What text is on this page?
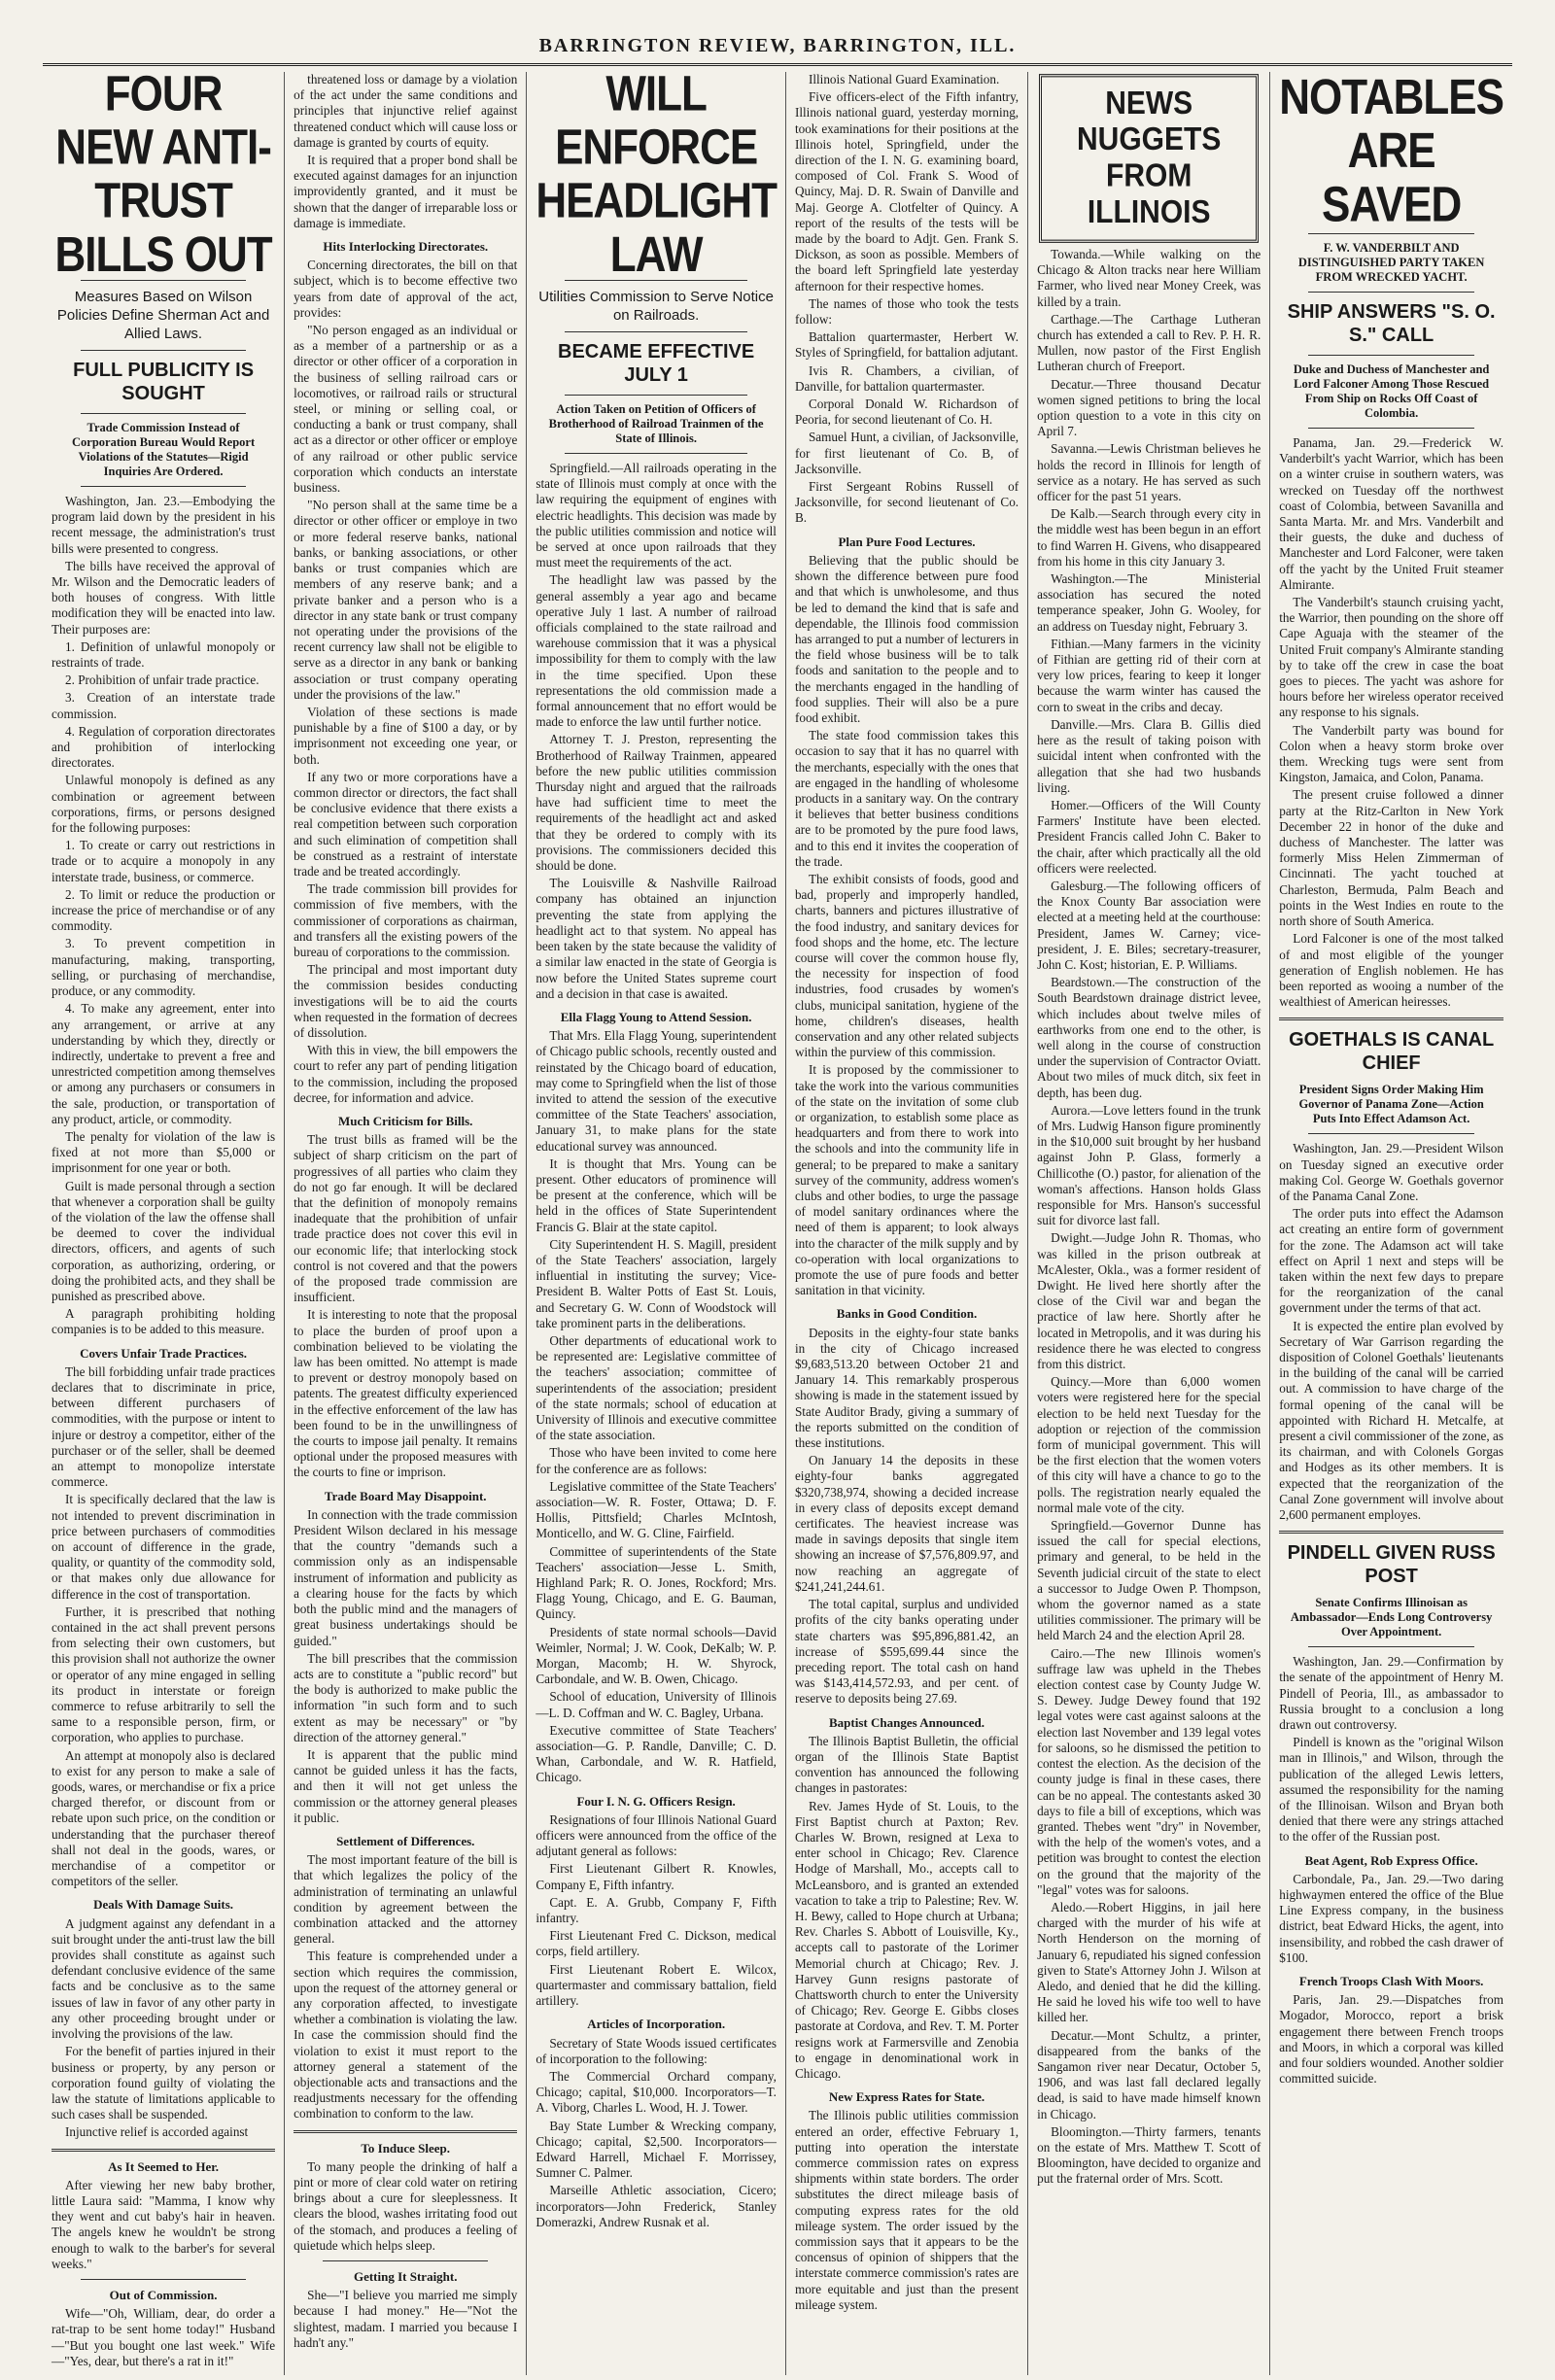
BARRINGTON REVIEW, BARRINGTON, ILL.
FOUR NEW ANTI-TRUST BILLS OUT
Measures Based on Wilson Policies Define Sherman Act and Allied Laws.
FULL PUBLICITY IS SOUGHT
Trade Commission Instead of Corporation Bureau Would Report Violations of the Statutes—Rigid Inquiries Are Ordered.

Washington, Jan. 23.—Embodying the program laid down by the president in his recent message, the administration's trust bills were presented to congress.

The bills have received the approval of Mr. Wilson and the Democratic leaders of both houses of congress. With little modification they will be enacted into law. Their purposes are:

1. Definition of unlawful monopoly or restraints of trade.

2. Prohibition of unfair trade practice.

3. Creation of an interstate trade commission.

4. Regulation of corporation directorates and prohibition of interlocking directorates.

Unlawful monopoly is defined as any combination or agreement between corporations, firms, or persons designed for the following purposes:

1. To create or carry out restrictions in trade or to acquire a monopoly in any interstate trade, business, or commerce.

2. To limit or reduce the production or increase the price of merchandise or of any commodity.

3. To prevent competition in manufacturing, making, transporting, selling, or purchasing of merchandise, produce, or any commodity.

4. To make any agreement, enter into any arrangement, or arrive at any understanding by which they, directly or indirectly, undertake to prevent a free and unrestricted competition among themselves or among any purchasers or consumers in the sale, production, or transportation of any product, article, or commodity.

The penalty for violation of the law is fixed at not more than $5,000 or imprisonment for one year or both.

Guilt is made personal through a section that whenever a corporation shall be guilty of the violation of the law the offense shall be deemed to cover the individual directors, officers, and agents of such corporation, as authorizing, ordering, or doing the prohibited acts, and they shall be punished as prescribed above.

A paragraph prohibiting holding companies is to be added to this measure.

Covers Unfair Trade Practices.

The bill forbidding unfair trade practices declares that to discriminate in price, between different purchasers of commodities, with the purpose or intent to injure or destroy a competitor, either of the purchaser or of the seller, shall be deemed an attempt to monopolize interstate commerce.

It is specifically declared that the law is not intended to prevent discrimination in price between purchasers of commodities on account of difference in the grade, quality, or quantity of the commodity sold, or that makes only due allowance for difference in the cost of transportation.

Further, it is prescribed that nothing contained in the act shall prevent persons from selecting their own customers, but this provision shall not authorize the owner or operator of any mine engaged in selling its product in interstate or foreign commerce to refuse arbitrarily to sell the same to a responsible person, firm, or corporation, who applies to purchase.

An attempt at monopoly also is declared to exist for any person to make a sale of goods, wares, or merchandise or fix a price charged therefor, or discount from or rebate upon such price, on the condition or understanding that the purchaser thereof shall not deal in the goods, wares, or merchandise of a competitor or competitors of the seller.

Deals With Damage Suits.

A judgment against any defendant in a suit brought under the anti-trust law the bill provides shall constitute as against such defendant conclusive evidence of the same facts and be conclusive as to the same issues of law in favor of any other party in any other proceeding brought under or involving the provisions of the law.

For the benefit of parties injured in their business or property, by any person or corporation found guilty of violating the law the statute of limitations applicable to such cases shall be suspended.

Injunctive relief is accorded against

As It Seemed to Her.

After viewing her new baby brother, little Laura said: "Mamma, I know why they went and cut baby's hair in heaven. The angels knew he wouldn't be strong enough to walk to the barber's for several weeks."

Out of Commission.

Wife—"Oh, William, dear, do order a rat-trap to be sent home today!" Husband—"But you bought one last week." Wife—"Yes, dear, but there's a rat in it!"

threatened loss or damage by a violation of the act under the same conditions and principles that injunctive relief against threatened conduct which will cause loss or damage is granted by courts of equity.

It is required that a proper bond shall be executed against damages for an injunction improvidently granted, and it must be shown that the danger of irreparable loss or damage is immediate.

Hits Interlocking Directorates.

Concerning directorates, the bill on that subject, which is to become effective two years from date of approval of the act, provides:

"No person engaged as an individual or as a member of a partnership or as a director or other officer of a corporation in the business of selling railroad cars or locomotives, or railroad rails or structural steel, or mining or selling coal, or conducting a bank or trust company, shall act as a director or other officer or employe of any railroad or other public service corporation which conducts an interstate business.

"No person shall at the same time be a director or other officer or employe in two or more federal reserve banks, national banks, or banking associations, or other banks or trust companies which are members of any reserve bank; and a private banker and a person who is a director in any state bank or trust company not operating under the provisions of the recent currency law shall not be eligible to serve as a director in any bank or banking association or trust company operating under the provisions of the law."

Violation of these sections is made punishable by a fine of $100 a day, or by imprisonment not exceeding one year, or both.

If any two or more corporations have a common director or directors, the fact shall be conclusive evidence that there exists a real competition between such corporation and such elimination of competition shall be construed as a restraint of interstate trade and be treated accordingly.

The trade commission bill provides for commission of five members, with the commissioner of corporations as chairman, and transfers all the existing powers of the bureau of corporations to the commission.

The principal and most important duty the commission besides conducting investigations will be to aid the courts when requested in the formation of decrees of dissolution.

With this in view, the bill empowers the court to refer any part of pending litigation to the commission, including the proposed decree, for information and advice.

Much Criticism for Bills.

The trust bills as framed will be the subject of sharp criticism on the part of progressives of all parties who claim they do not go far enough. It will be declared that the definition of monopoly remains inadequate that the prohibition of unfair trade practice does not cover this evil in our economic life; that interlocking stock control is not covered and that the powers of the proposed trade commission are insufficient.

It is interesting to note that the proposal to place the burden of proof upon a combination believed to be violating the law has been omitted. No attempt is made to prevent or destroy monopoly based on patents. The greatest difficulty experienced in the effective enforcement of the law has been found to be in the unwillingness of the courts to impose jail penalty. It remains optional under the proposed measures with the courts to fine or imprison.

Trade Board May Disappoint.

In connection with the trade commission President Wilson declared in his message that the country "demands such a commission only as an indispensable instrument of information and publicity as a clearing house for the facts by which both the public mind and the managers of great business undertakings should be guided."

The bill prescribes that the commission acts are to constitute a "public record" but the body is authorized to make public the information "in such form and to such extent as may be necessary" or "by direction of the attorney general."

It is apparent that the public mind cannot be guided unless it has the facts, and then it will not get unless the commission or the attorney general pleases it public.

Settlement of Differences.

The most important feature of the bill is that which legalizes the policy of the administration of terminating an unlawful condition by agreement between the combination attacked and the attorney general.

This feature is comprehended under a section which requires the commission, upon the request of the attorney general or any corporation affected, to investigate whether a combination is violating the law. In case the commission should find the violation to exist it must report to the attorney general a statement of the objectionable acts and transactions and the readjustments necessary for the offending combination to conform to the law.

To Induce Sleep.

To many people the drinking of half a pint or more of clear cold water on retiring brings about a cure for sleeplessness. It clears the blood, washes irritating food out of the stomach, and produces a feeling of quietude which helps sleep.

Getting It Straight.

She—"I believe you married me simply because I had money." He—"Not the slightest, madam. I married you because I hadn't any."

WILL ENFORCE HEADLIGHT LAW
Utilities Commission to Serve Notice on Railroads.
BECAME EFFECTIVE JULY 1
Action Taken on Petition of Officers of Brotherhood of Railroad Trainmen of the State of Illinois.

Springfield.—All railroads operating in the state of Illinois must comply at once with the law requiring the equipment of engines with electric headlights. This decision was made by the public utilities commission and notice will be served at once upon railroads that they must meet the requirements of the act.

The headlight law was passed by the general assembly a year ago and became operative July 1 last. A number of railroad officials complained to the state railroad and warehouse commission that it was a physical impossibility for them to comply with the law in the time specified. Upon these representations the old commission made a formal announcement that no effort would be made to enforce the law until further notice.

Attorney T. J. Preston, representing the Brotherhood of Railway Trainmen, appeared before the new public utilities commission Thursday night and argued that the railroads have had sufficient time to meet the requirements of the headlight act and asked that they be ordered to comply with its provisions. The commissioners decided this should be done.

The Louisville & Nashville Railroad company has obtained an injunction preventing the state from applying the headlight act to that system. No appeal has been taken by the state because the validity of a similar law enacted in the state of Georgia is now before the United States supreme court and a decision in that case is awaited.

Ella Flagg Young to Attend Session.

That Mrs. Ella Flagg Young, superintendent of Chicago public schools, recently ousted and reinstated by the Chicago board of education, may come to Springfield when the list of those invited to attend the session of the executive committee of the State Teachers' association, January 31, to make plans for the state educational survey was announced.

It is thought that Mrs. Young can be present. Other educators of prominence will be present at the conference, which will be held in the offices of State Superintendent Francis G. Blair at the state capitol.

City Superintendent H. S. Magill, president of the State Teachers' association, largely influential in instituting the survey; Vice-President B. Walter Potts of East St. Louis, and Secretary G. W. Conn of Woodstock will take prominent parts in the deliberations.

Other departments of educational work to be represented are: Legislative committee of the teachers' association; committee of superintendents of the association; president of the state normals; school of education at University of Illinois and executive committee of the state association.

Those who have been invited to come here for the conference are as follows:

Legislative committee of the State Teachers' association—W. R. Foster, Ottawa; D. F. Hollis, Pittsfield; Charles McIntosh, Monticello, and W. G. Cline, Fairfield.

Committee of superintendents of the State Teachers' association—Jesse L. Smith, Highland Park; R. O. Jones, Rockford; Mrs. Flagg Young, Chicago, and E. G. Bauman, Quincy.

Presidents of state normal schools—David Weimler, Normal; J. W. Cook, DeKalb; W. P. Morgan, Macomb; H. W. Shyrock, Carbondale, and W. B. Owen, Chicago.

School of education, University of Illinois—L. D. Coffman and W. C. Bagley, Urbana.

Executive committee of State Teachers' association—G. P. Randle, Danville; C. D. Whan, Carbondale, and W. R. Hatfield, Chicago.

Four I. N. G. Officers Resign.

Resignations of four Illinois National Guard officers were announced from the office of the adjutant general as follows:

First Lieutenant Gilbert R. Knowles, Company E, Fifth infantry.

Capt. E. A. Grubb, Company F, Fifth infantry.

First Lieutenant Fred C. Dickson, medical corps, field artillery.

First Lieutenant Robert E. Wilcox, quartermaster and commissary battalion, field artillery.

Articles of Incorporation.

Secretary of State Woods issued certificates of incorporation to the following:

The Commercial Orchard company, Chicago; capital, $10,000. Incorporators—T. A. Viborg, Charles L. Wood, H. J. Tower.

Bay State Lumber & Wrecking company, Chicago; capital, $2,500. Incorporators—Edward Harrell, Michael F. Morrissey, Sumner C. Palmer.

Marseille Athletic association, Cicero; incorporators—John Frederick, Stanley Domerazki, Andrew Rusnak et al.

Illinois National Guard Examination.

Five officers-elect of the Fifth infantry, Illinois national guard, yesterday morning, took examinations for their positions at the Illinois hotel, Springfield, under the direction of the I. N. G. examining board, composed of Col. Frank S. Wood of Quincy, Maj. D. R. Swain of Danville and Maj. George A. Clotfelter of Quincy. A report of the results of the tests will be made by the board to Adjt. Gen. Frank S. Dickson, as soon as possible. Members of the board left Springfield late yesterday afternoon for their respective homes.

The names of those who took the tests follow:

Battalion quartermaster, Herbert W. Styles of Springfield, for battalion adjutant.

Ivis R. Chambers, a civilian, of Danville, for battalion quartermaster.

Corporal Donald W. Richardson of Peoria, for second lieutenant of Co. H.

Samuel Hunt, a civilian, of Jacksonville, for first lieutenant of Co. B, of Jacksonville.

First Sergeant Robins Russell of Jacksonville, for second lieutenant of Co. B.

Plan Pure Food Lectures.

Believing that the public should be shown the difference between pure food and that which is unwholesome, and thus be led to demand the kind that is safe and dependable, the Illinois food commission has arranged to put a number of lecturers in the field whose business will be to talk foods and sanitation to the people and to the merchants engaged in the handling of food supplies. Their will also be a pure food exhibit.

The state food commission takes this occasion to say that it has no quarrel with the merchants, especially with the ones that are engaged in the handling of wholesome products in a sanitary way. On the contrary it believes that better business conditions are to be promoted by the pure food laws, and to this end it invites the cooperation of the trade.

The exhibit consists of foods, good and bad, properly and improperly handled, charts, banners and pictures illustrative of the food industry, and sanitary devices for food shops and the home, etc. The lecture course will cover the common house fly, the necessity for inspection of food industries, food crusades by women's clubs, municipal sanitation, hygiene of the home, children's diseases, health conservation and any other related subjects within the purview of this commission.

It is proposed by the commissioner to take the work into the various communities of the state on the invitation of some club or organization, to establish some place as headquarters and from there to work into the schools and into the community life in general; to be prepared to make a sanitary survey of the community, address women's clubs and other bodies, to urge the passage of model sanitary ordinances where the need of them is apparent; to look always into the character of the milk supply and by co-operation with local organizations to promote the use of pure foods and better sanitation in that vicinity.

Banks in Good Condition.

Deposits in the eighty-four state banks in the city of Chicago increased $9,683,513.20 between October 21 and January 14. This remarkably prosperous showing is made in the statement issued by State Auditor Brady, giving a summary of the reports submitted on the condition of these institutions.

On January 14 the deposits in these eighty-four banks aggregated $320,738,974, showing a decided increase in every class of deposits except demand certificates. The heaviest increase was made in savings deposits that single item showing an increase of $7,576,809.97, and now reaching an aggregate of $241,241,244.61.

The total capital, surplus and undivided profits of the city banks operating under state charters was $95,896,881.42, an increase of $595,699.44 since the preceding report. The total cash on hand was $143,414,572.93, and per cent. of reserve to deposits being 27.69.

Baptist Changes Announced.

The Illinois Baptist Bulletin, the official organ of the Illinois State Baptist convention has announced the following changes in pastorates:

Rev. James Hyde of St. Louis, to the First Baptist church at Paxton; Rev. Charles W. Brown, resigned at Lexa to enter school in Chicago; Rev. Clarence Hodge of Marshall, Mo., accepts call to McLeansboro, and is granted an extended vacation to take a trip to Palestine; Rev. W. H. Bewy, called to Hope church at Urbana; Rev. Charles S. Abbott of Louisville, Ky., accepts call to pastorate of the Lorimer Memorial church at Chicago; Rev. J. Harvey Gunn resigns pastorate of Chattsworth church to enter the University of Chicago; Rev. George E. Gibbs closes pastorate at Cordova, and Rev. T. M. Porter resigns work at Farmersville and Zenobia to engage in denominational work in Chicago.

New Express Rates for State.

The Illinois public utilities commission entered an order, effective February 1, putting into operation the interstate commerce commission rates on express shipments within state borders. The order substitutes the direct mileage basis of computing express rates for the old mileage system. The order issued by the commission says that it appears to be the concensus of opinion of shippers that the interstate commerce commission's rates are more equitable and just than the present mileage system.

NEWS NUGGETS FROM ILLINOIS

Towanda.—While walking on the Chicago & Alton tracks near here William Farmer, who lived near Money Creek, was killed by a train.

Carthage.—The Carthage Lutheran church has extended a call to Rev. P. H. R. Mullen, now pastor of the First English Lutheran church of Freeport.

Decatur.—Three thousand Decatur women signed petitions to bring the local option question to a vote in this city on April 7.

Savanna.—Lewis Christman believes he holds the record in Illinois for length of service as a notary. He has served as such officer for the past 51 years.

De Kalb.—Search through every city in the middle west has been begun in an effort to find Warren H. Givens, who disappeared from his home in this city January 3.

Washington.—The Ministerial association has secured the noted temperance speaker, John G. Wooley, for an address on Tuesday night, February 3.

Fithian.—Many farmers in the vicinity of Fithian are getting rid of their corn at very low prices, fearing to keep it longer because the warm winter has caused the corn to sweat in the cribs and decay.

Danville.—Mrs. Clara B. Gillis died here as the result of taking poison with suicidal intent when confronted with the allegation that she had two husbands living.

Homer.—Officers of the Will County Farmers' Institute have been elected. President Francis called John C. Baker to the chair, after which practically all the old officers were reelected.

Galesburg.—The following officers of the Knox County Bar association were elected at a meeting held at the courthouse: President, James W. Carney; vice-president, J. E. Biles; secretary-treasurer, John C. Kost; historian, E. P. Williams.

Beardstown.—The construction of the South Beardstown drainage district levee, which includes about twelve miles of earthworks from one end to the other, is well along in the course of construction under the supervision of Contractor Oviatt. About two miles of muck ditch, six feet in depth, has been dug.

Aurora.—Love letters found in the trunk of Mrs. Ludwig Hanson figure prominently in the $10,000 suit brought by her husband against John P. Glass, formerly a Chillicothe (O.) pastor, for alienation of the woman's affections. Hanson holds Glass responsible for Mrs. Hanson's successful suit for divorce last fall.

Dwight.—Judge John R. Thomas, who was killed in the prison outbreak at McAlester, Okla., was a former resident of Dwight. He lived here shortly after the close of the Civil war and began the practice of law here. Shortly after he located in Metropolis, and it was during his residence there he was elected to congress from this district.

Quincy.—More than 6,000 women voters were registered here for the special election to be held next Tuesday for the adoption or rejection of the commission form of municipal government. This will be the first election that the women voters of this city will have a chance to go to the polls. The registration nearly equaled the normal male vote of the city.

Springfield.—Governor Dunne has issued the call for special elections, primary and general, to be held in the Seventh judicial circuit of the state to elect a successor to Judge Owen P. Thompson, whom the governor named as a state utilities commissioner. The primary will be held March 24 and the election April 28.

Cairo.—The new Illinois women's suffrage law was upheld in the Thebes election contest case by County Judge W. S. Dewey. Judge Dewey found that 192 legal votes were cast against saloons at the election last November and 139 legal votes for saloons, so he dismissed the petition to contest the election. As the decision of the county judge is final in these cases, there can be no appeal. The contestants asked 30 days to file a bill of exceptions, which was granted. Thebes went "dry" in November, with the help of the women's votes, and a petition was brought to contest the election on the ground that the majority of the "legal" votes was for saloons.

Aledo.—Robert Higgins, in jail here charged with the murder of his wife at North Henderson on the morning of January 6, repudiated his signed confession given to State's Attorney John J. Wilson at Aledo, and denied that he did the killing. He said he loved his wife too well to have killed her.

Decatur.—Mont Schultz, a printer, disappeared from the banks of the Sangamon river near Decatur, October 5, 1906, and was last fall declared legally dead, is said to have made himself known in Chicago.

Bloomington.—Thirty farmers, tenants on the estate of Mrs. Matthew T. Scott of Bloomington, have decided to organize and put the fraternal order of Mrs. Scott.

NOTABLES ARE SAVED
F. W. VANDERBILT AND DISTINGUISHED PARTY TAKEN FROM WRECKED YACHT.
SHIP ANSWERS "S. O. S." CALL
Duke and Duchess of Manchester and Lord Falconer Among Those Rescued From Ship on Rocks Off Coast of Colombia.

Panama, Jan. 29.—Frederick W. Vanderbilt's yacht Warrior, which has been on a winter cruise in southern waters, was wrecked on Tuesday off the northwest coast of Colombia, between Savanilla and Santa Marta. Mr. and Mrs. Vanderbilt and their guests, the duke and duchess of Manchester and Lord Falconer, were taken off the yacht by the United Fruit steamer Almirante.

The Vanderbilt's staunch cruising yacht, the Warrior, then pounding on the shore off Cape Aguaja with the steamer of the United Fruit company's Almirante standing by to take off the crew in case the boat goes to pieces. The yacht was ashore for hours before her wireless operator received any response to his signals.

The Vanderbilt party was bound for Colon when a heavy storm broke over them. Wrecking tugs were sent from Kingston, Jamaica, and Colon, Panama.

The present cruise followed a dinner party at the Ritz-Carlton in New York December 22 in honor of the duke and duchess of Manchester. The latter was formerly Miss Helen Zimmerman of Cincinnati. The yacht touched at Charleston, Bermuda, Palm Beach and points in the West Indies en route to the north shore of South America.

Lord Falconer is one of the most talked of and most eligible of the younger generation of English noblemen. He has been reported as wooing a number of the wealthiest of American heiresses.

GOETHALS IS CANAL CHIEF
President Signs Order Making Him Governor of Panama Zone—Action Puts Into Effect Adamson Act.

Washington, Jan. 29.—President Wilson on Tuesday signed an executive order making Col. George W. Goethals governor of the Panama Canal Zone.

The order puts into effect the Adamson act creating an entire form of government for the zone. The Adamson act will take effect on April 1 next and steps will be taken within the next few days to prepare for the reorganization of the canal government under the terms of that act.

It is expected the entire plan evolved by Secretary of War Garrison regarding the disposition of Colonel Goethals' lieutenants in the building of the canal will be carried out. A commission to have charge of the formal opening of the canal will be appointed with Richard H. Metcalfe, at present a civil commissioner of the zone, as its chairman, and with Colonels Gorgas and Hodges as its other members. It is expected that the reorganization of the Canal Zone government will involve about 2,600 permanent employes.

PINDELL GIVEN RUSS POST
Senate Confirms Illinoisan as Ambassador—Ends Long Controversy Over Appointment.

Washington, Jan. 29.—Confirmation by the senate of the appointment of Henry M. Pindell of Peoria, Ill., as ambassador to Russia brought to a conclusion a long drawn out controversy.

Pindell is known as the "original Wilson man in Illinois," and Wilson, through the publication of the alleged Lewis letters, assumed the responsibility for the naming of the Illinoisan. Wilson and Bryan both denied that there were any strings attached to the offer of the Russian post.

Beat Agent, Rob Express Office.

Carbondale, Pa., Jan. 29.—Two daring highwaymen entered the office of the Blue Line Express company, in the business district, beat Edward Hicks, the agent, into insensibility, and robbed the cash drawer of $100.

French Troops Clash With Moors.

Paris, Jan. 29.—Dispatches from Mogador, Morocco, report a brisk engagement there between French troops and Moors, in which a corporal was killed and four soldiers wounded. Another soldier committed suicide.
